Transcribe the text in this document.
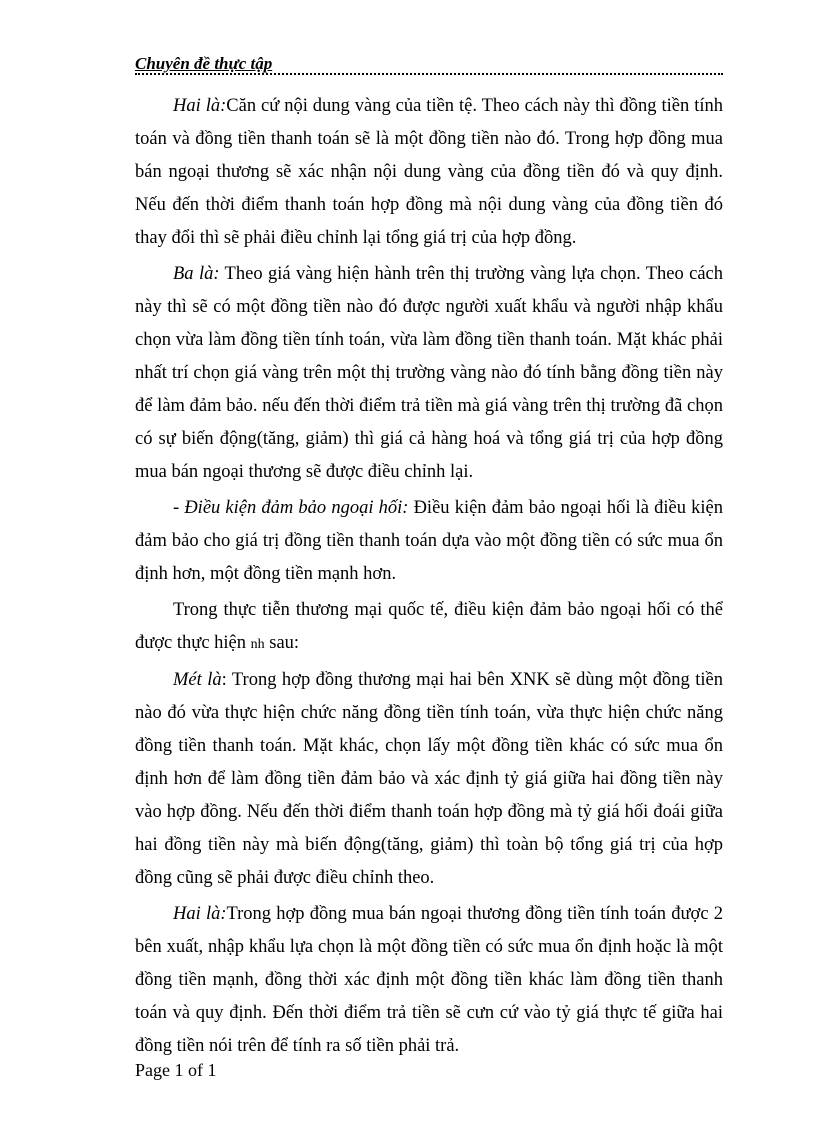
Chuyên đề thực tập

Hai là:Căn cứ nội dung vàng của tiền tệ. Theo cách này thì đồng tiền tính toán và đồng tiền thanh toán sẽ là một đồng tiền nào đó. Trong hợp đồng mua bán ngoại thương sẽ xác nhận nội dung vàng của đồng tiền đó và quy định. Nếu đến thời điểm thanh toán hợp đồng mà nội dung vàng của đồng tiền đó thay đổi thì sẽ phải điều chỉnh lại tổng giá trị của hợp đồng.

Ba là: Theo giá vàng hiện hành trên thị trường vàng lựa chọn. Theo cách này thì sẽ có một đồng tiền nào đó được người xuất khẩu và người nhập khẩu chọn vừa làm đồng tiền tính toán, vừa làm đồng tiền thanh toán. Mặt khác phải nhất trí chọn giá vàng trên một thị trường vàng nào đó tính bằng đồng tiền này để làm đảm bảo. nếu đến thời điểm trả tiền mà giá vàng trên thị trường đã chọn có sự biến động(tăng, giảm) thì giá cả hàng hoá và tổng giá trị của hợp đồng mua bán ngoại thương sẽ được điều chỉnh lại.

- Điều kiện đảm bảo ngoại hối: Điều kiện đảm bảo ngoại hối là điều kiện đảm bảo cho giá trị đồng tiền thanh toán dựa vào một đồng tiền có sức mua ổn định hơn, một đồng tiền mạnh hơn.

Trong thực tiễn thương mại quốc tế, điều kiện đảm bảo ngoại hối có thể được thực hiện nh sau:

Mét là: Trong hợp đồng thương mại hai bên XNK sẽ dùng một đồng tiền nào đó vừa thực hiện chức năng đồng tiền tính toán, vừa thực hiện chức năng đồng tiền thanh toán. Mặt khác, chọn lấy một đồng tiền khác có sức mua ổn định hơn để làm đồng tiền đảm bảo và xác định tỷ giá giữa hai đồng tiền này vào hợp đồng. Nếu đến thời điểm thanh toán hợp đồng mà tỷ giá hối đoái giữa hai đồng tiền này mà biến động(tăng, giảm) thì toàn bộ tổng giá trị của hợp đồng cũng sẽ phải được điều chỉnh theo.

Hai là:Trong hợp đồng mua bán ngoại thương đồng tiền tính toán được 2 bên xuất, nhập khẩu lựa chọn là một đồng tiền có sức mua ổn định hoặc là một đồng tiền mạnh, đồng thời xác định một đồng tiền khác làm đồng tiền thanh toán và quy định. Đến thời điểm trả tiền sẽ cưn cứ vào tỷ giá thực tế giữa hai đồng tiền nói trên để tính ra số tiền phải trả.

Page 1 of 1
